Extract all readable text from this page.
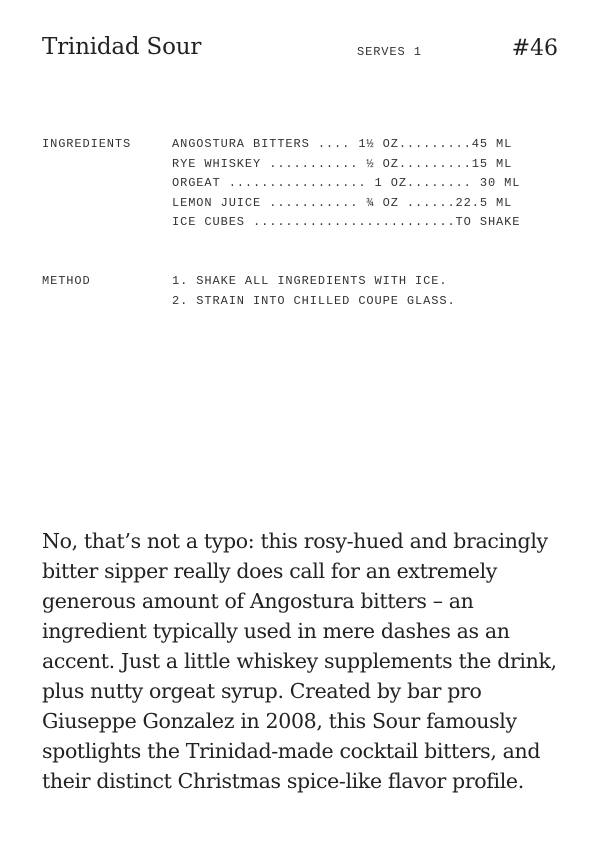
Trinidad Sour	SERVES 1	#46
INGREDIENTS	ANGOSTURA BITTERS .... 1½ OZ.........45 ML
RYE WHISKEY ........... ½ OZ.........15 ML
ORGEAT ................. 1 OZ........ 30 ML
LEMON JUICE ........... ¾ OZ ......22.5 ML
ICE CUBES .........................TO SHAKE
METHOD	1. SHAKE ALL INGREDIENTS WITH ICE.
2. STRAIN INTO CHILLED COUPE GLASS.

No, that’s not a typo: this rosy-hued and bracingly bitter sipper really does call for an extremely generous amount of Angostura bitters – an ingredient typically used in mere dashes as an accent. Just a little whiskey supplements the drink, plus nutty orgeat syrup. Created by bar pro Giuseppe Gonzalez in 2008, this Sour famously spotlights the Trinidad-made cocktail bitters, and their distinct Christmas spice-like flavor profile.
